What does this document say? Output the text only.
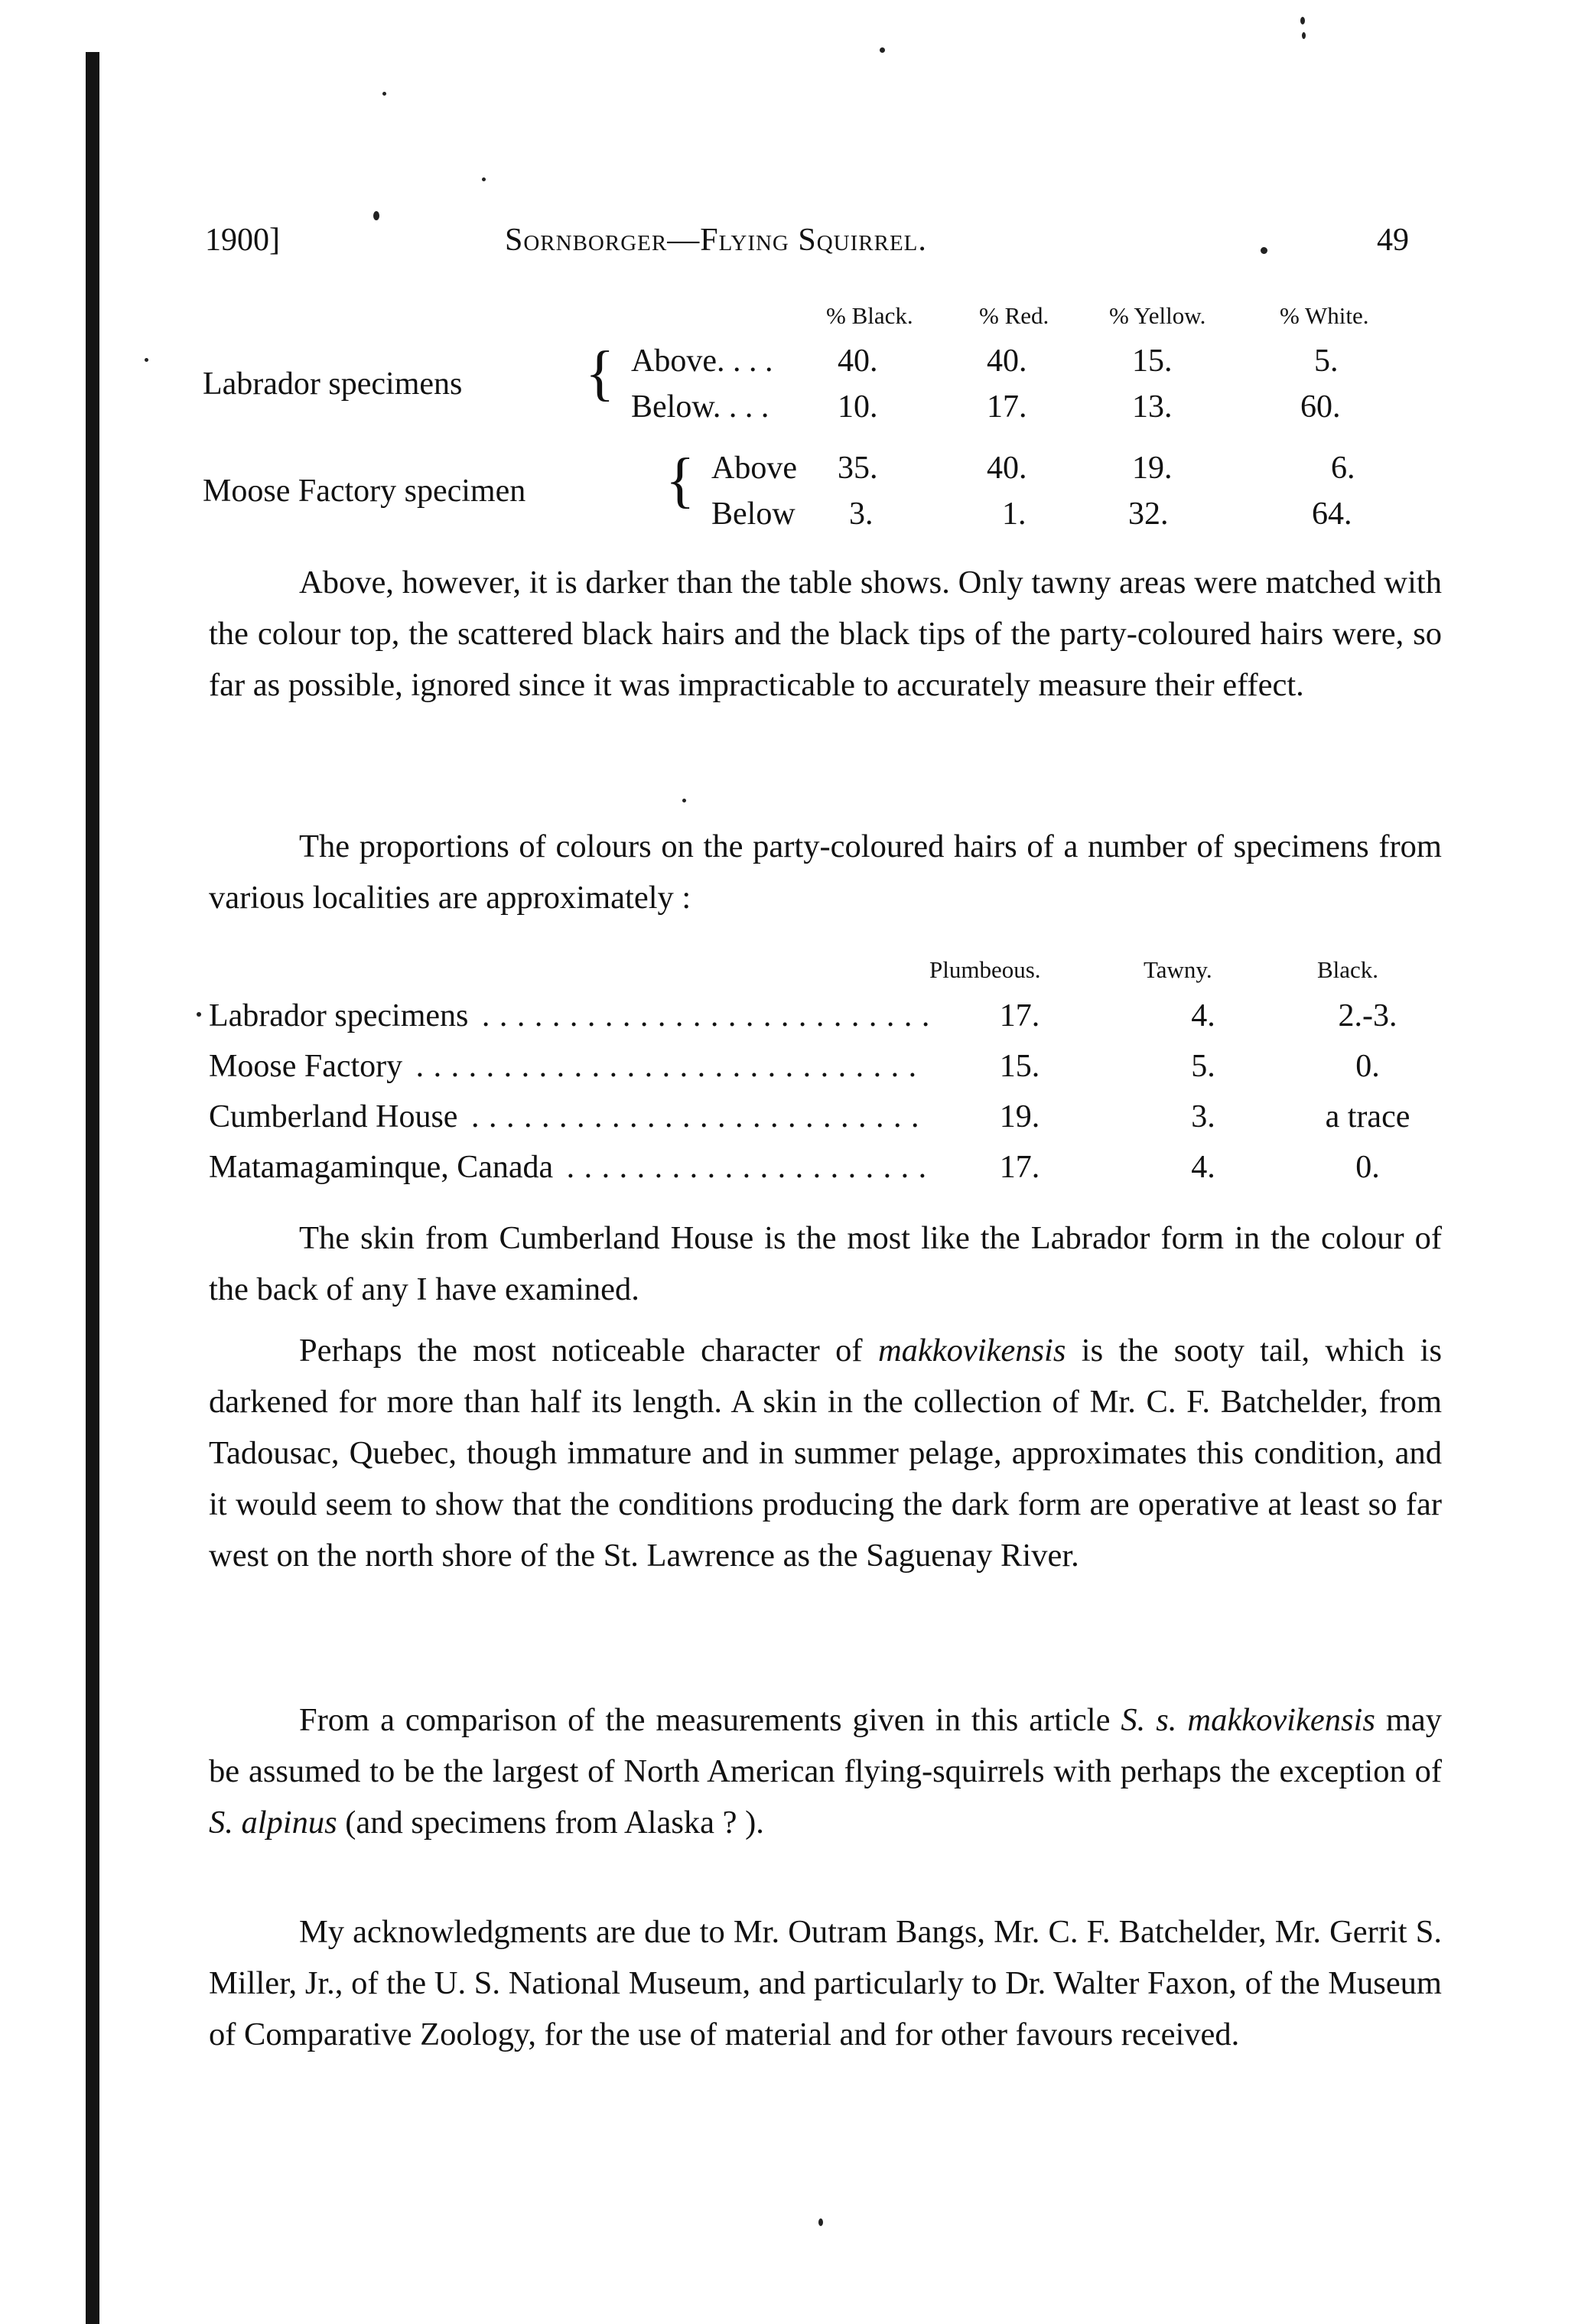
1900]	Sornborger—Flying Squirrel.	49
% Black.	% Red.	% Yellow.	% White.
Labrador specimens { Above. . . . 40.	40.	15.	5.
Below. . . . 10.	17.	13.	60.
Moose Factory specimen { Above 35.	40.	19.	6.
Below 3.	1.	32.	64.

Above, however, it is darker than the table shows. Only tawny areas were matched with the colour top, the scattered black hairs and the black tips of the party-coloured hairs were, so far as possible, ignored since it was impracticable to accurately measure their effect.

The proportions of colours on the party-coloured hairs of a number of specimens from various localities are approximately :

Plumbeous.	Tawny.	Black.
Labrador specimens . . .	17.	4.	2.-3.
Moose Factory . . .	15.	5.	0.
Cumberland House . . .	19.	3.	a trace
Matamagaminque, Canada . . .	17.	4.	0.

The skin from Cumberland House is the most like the Labrador form in the colour of the back of any I have examined.

Perhaps the most noticeable character of makkovikensis is the sooty tail, which is darkened for more than half its length. A skin in the collection of Mr. C. F. Batchelder, from Tadousac, Quebec, though immature and in summer pelage, approximates this condition, and it would seem to show that the conditions producing the dark form are operative at least so far west on the north shore of the St. Lawrence as the Saguenay River.

From a comparison of the measurements given in this article S. s. makkovikensis may be assumed to be the largest of North American flying-squirrels with perhaps the exception of S. alpinus (and specimens from Alaska ? ).

My acknowledgments are due to Mr. Outram Bangs, Mr. C. F. Batchelder, Mr. Gerrit S. Miller, Jr., of the U. S. National Museum, and particularly to Dr. Walter Faxon, of the Museum of Comparative Zoology, for the use of material and for other favours received.
